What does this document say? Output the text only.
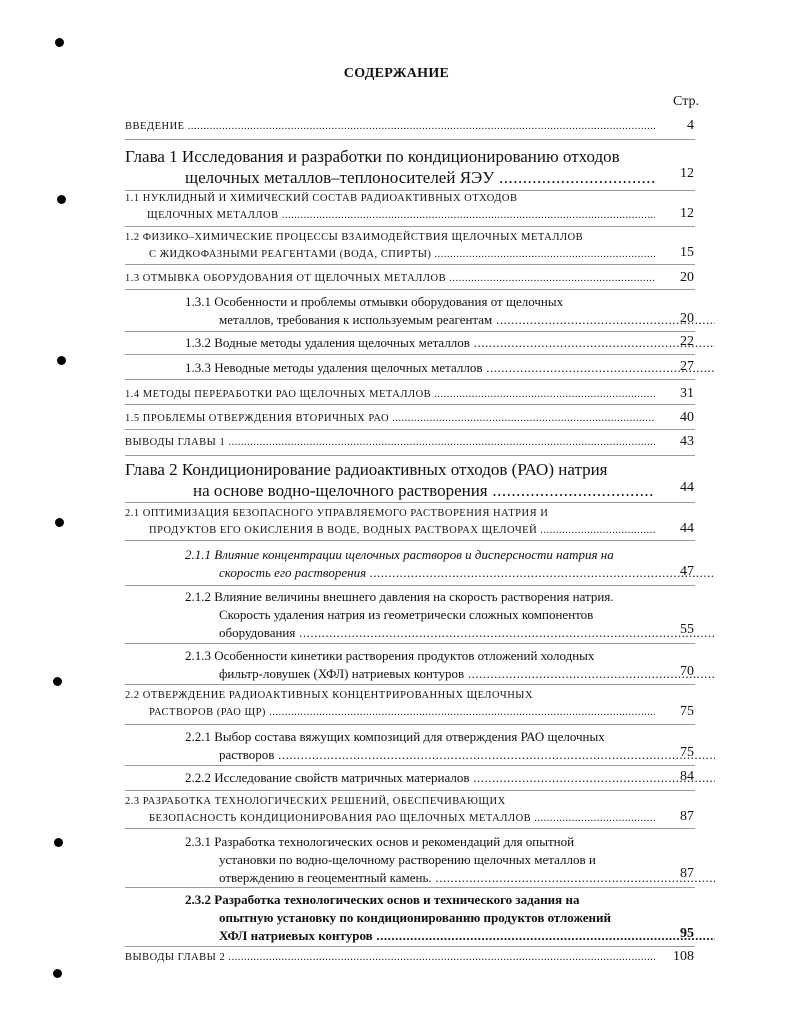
СОДЕРЖАНИЕ
Стр.
ВВЕДЕНИЕ .....	4
Глава 1 Исследования и разработки по кондиционированию отходов
щелочных металлов–теплоносителей ЯЭУ .....	12
1.1 НУКЛИДНЫЙ И ХИМИЧЕСКИЙ СОСТАВ РАДИОАКТИВНЫХ ОТХОДОВ
ЩЕЛОЧНЫХ МЕТАЛЛОВ .....	12
1.2 ФИЗИКО–ХИМИЧЕСКИЕ ПРОЦЕССЫ ВЗАИМОДЕЙСТВИЯ ЩЕЛОЧНЫХ МЕТАЛЛОВ
С ЖИДКОФАЗНЫМИ РЕАГЕНТАМИ (ВОДА, СПИРТЫ) .....	15
1.3 ОТМЫВКА ОБОРУДОВАНИЯ ОТ ЩЕЛОЧНЫХ МЕТАЛЛОВ .....	20
1.3.1 Особенности и проблемы отмывки оборудования от щелочных
металлов, требования к используемым реагентам .....	20
1.3.2 Водные методы удаления щелочных металлов .....	22
1.3.3 Неводные методы удаления щелочных металлов .....	27
1.4 МЕТОДЫ ПЕРЕРАБОТКИ РАО ЩЕЛОЧНЫХ МЕТАЛЛОВ .....	31
1.5 ПРОБЛЕМЫ ОТВЕРЖДЕНИЯ ВТОРИЧНЫХ РАО .....	40
ВЫВОДЫ ГЛАВЫ 1 .....	43
Глава 2 Кондиционирование радиоактивных отходов (РАО) натрия
на основе водно-щелочного растворения .....	44
2.1 ОПТИМИЗАЦИЯ БЕЗОПАСНОГО УПРАВЛЯЕМОГО РАСТВОРЕНИЯ НАТРИЯ И
ПРОДУКТОВ ЕГО ОКИСЛЕНИЯ В ВОДЕ, ВОДНЫХ РАСТВОРАХ ЩЕЛОЧЕЙ .....	44
2.1.1 Влияние концентрации щелочных растворов и дисперсности натрия на
скорость его растворения .....	47
2.1.2 Влияние величины внешнего давления на скорость растворения натрия.
Скорость удаления натрия из геометрически сложных компонентов
оборудования .....	55
2.1.3 Особенности кинетики растворения продуктов отложений холодных
фильтр-ловушек (ХФЛ) натриевых контуров .....	70
2.2 ОТВЕРЖДЕНИЕ РАДИОАКТИВНЫХ КОНЦЕНТРИРОВАННЫХ ЩЕЛОЧНЫХ
РАСТВОРОВ (РАО ЩР) .....	75
2.2.1 Выбор состава вяжущих композиций для отверждения РАО щелочных
растворов .....	75
2.2.2 Исследование свойств матричных материалов .....	84
2.3 РАЗРАБОТКА ТЕХНОЛОГИЧЕСКИХ РЕШЕНИЙ, ОБЕСПЕЧИВАЮЩИХ
БЕЗОПАСНОСТЬ КОНДИЦИОНИРОВАНИЯ РАО ЩЕЛОЧНЫХ МЕТАЛЛОВ .....	87
2.3.1 Разработка технологических основ и рекомендаций для опытной
установки по водно-щелочному растворению щелочных металлов и
отверждению в геоцементный камень. .....	87
2.3.2 Разработка технологических основ и технического задания на
опытную установку по кондиционированию продуктов отложений
ХФЛ натриевых контуров .....	95
ВЫВОДЫ ГЛАВЫ 2 .....	108
